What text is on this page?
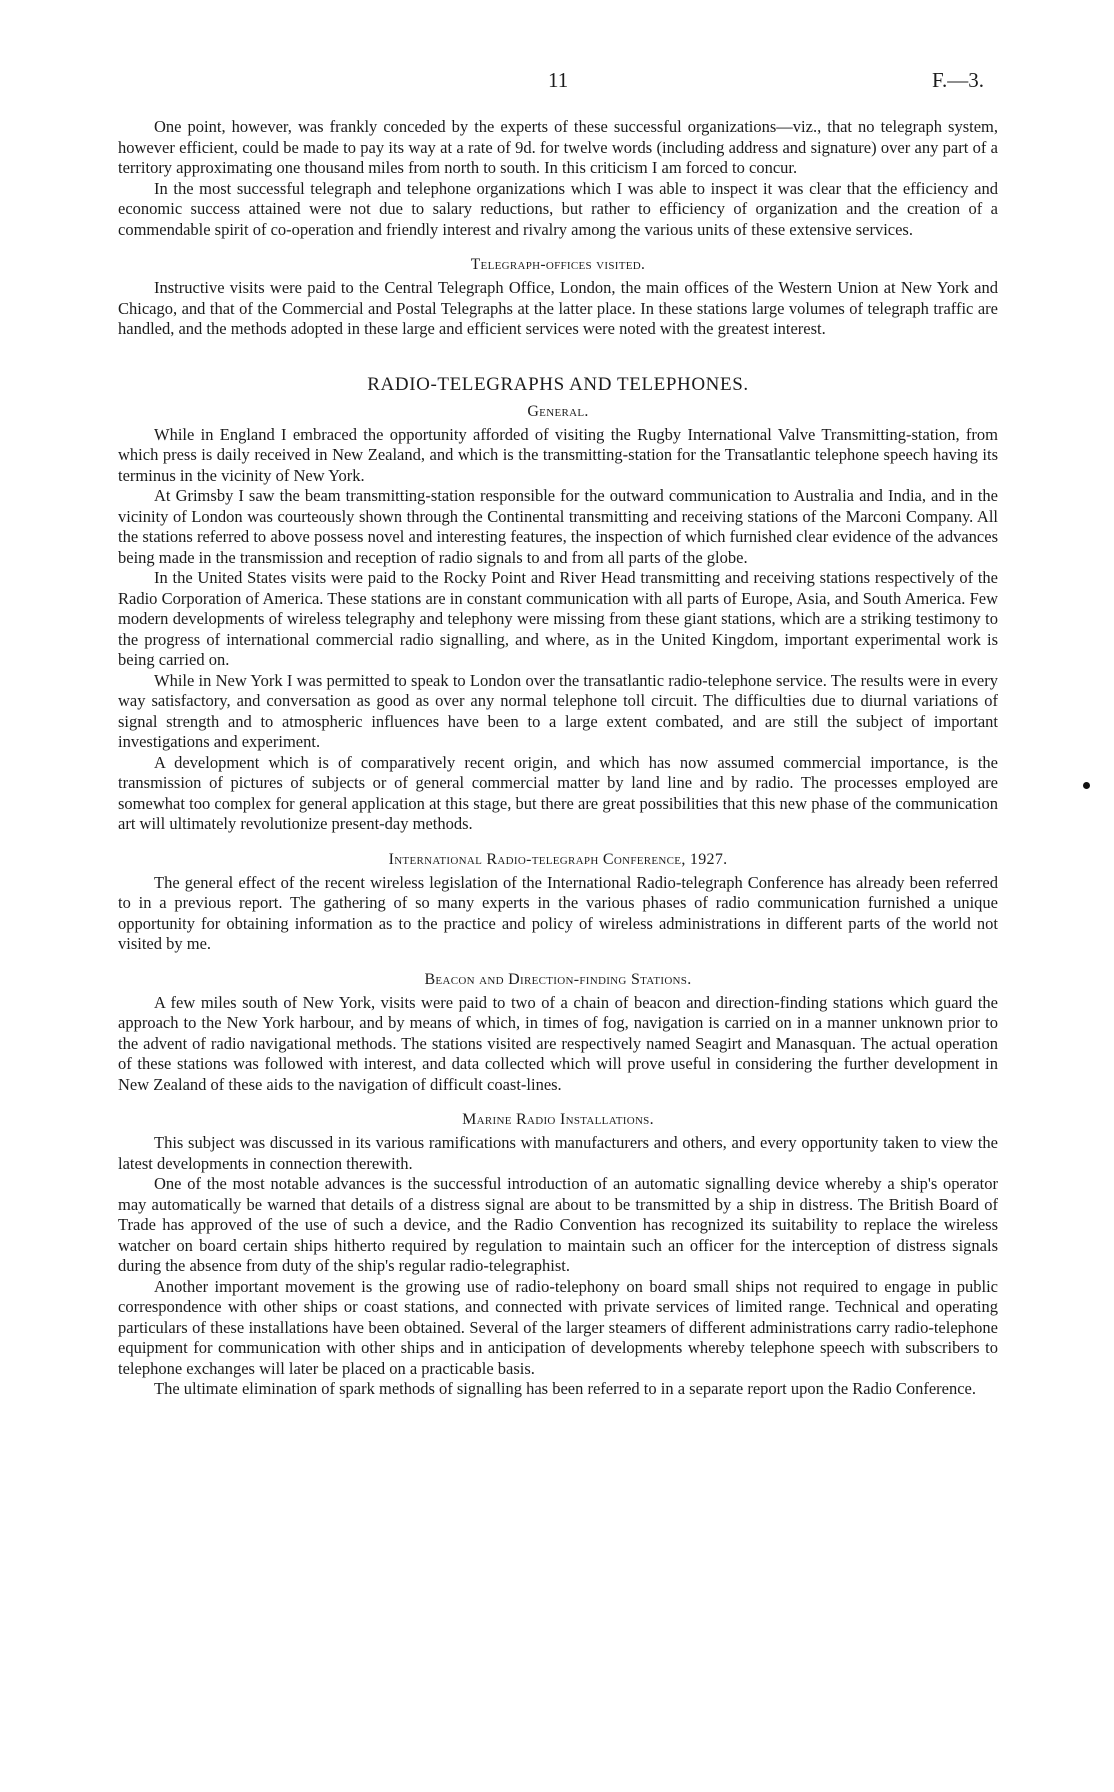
11	F.—3.

One point, however, was frankly conceded by the experts of these successful organizations—viz., that no telegraph system, however efficient, could be made to pay its way at a rate of 9d. for twelve words (including address and signature) over any part of a territory approximating one thousand miles from north to south. In this criticism I am forced to concur.

In the most successful telegraph and telephone organizations which I was able to inspect it was clear that the efficiency and economic success attained were not due to salary reductions, but rather to efficiency of organization and the creation of a commendable spirit of co-operation and friendly interest and rivalry among the various units of these extensive services.

Telegraph-offices visited.

Instructive visits were paid to the Central Telegraph Office, London, the main offices of the Western Union at New York and Chicago, and that of the Commercial and Postal Telegraphs at the latter place. In these stations large volumes of telegraph traffic are handled, and the methods adopted in these large and efficient services were noted with the greatest interest.

RADIO-TELEGRAPHS AND TELEPHONES.
General.

While in England I embraced the opportunity afforded of visiting the Rugby International Valve Transmitting-station, from which press is daily received in New Zealand, and which is the transmitting-station for the Transatlantic telephone speech having its terminus in the vicinity of New York.

At Grimsby I saw the beam transmitting-station responsible for the outward communication to Australia and India, and in the vicinity of London was courteously shown through the Continental transmitting and receiving stations of the Marconi Company. All the stations referred to above possess novel and interesting features, the inspection of which furnished clear evidence of the advances being made in the transmission and reception of radio signals to and from all parts of the globe.

In the United States visits were paid to the Rocky Point and River Head transmitting and receiving stations respectively of the Radio Corporation of America. These stations are in constant communication with all parts of Europe, Asia, and South America. Few modern developments of wireless telegraphy and telephony were missing from these giant stations, which are a striking testimony to the progress of international commercial radio signalling, and where, as in the United Kingdom, important experimental work is being carried on.

While in New York I was permitted to speak to London over the transatlantic radio-telephone service. The results were in every way satisfactory, and conversation as good as over any normal telephone toll circuit. The difficulties due to diurnal variations of signal strength and to atmospheric influences have been to a large extent combated, and are still the subject of important investigations and experiment.

A development which is of comparatively recent origin, and which has now assumed commercial importance, is the transmission of pictures of subjects or of general commercial matter by land line and by radio. The processes employed are somewhat too complex for general application at this stage, but there are great possibilities that this new phase of the communication art will ultimately revolutionize present-day methods.

International Radio-telegraph Conference, 1927.

The general effect of the recent wireless legislation of the International Radio-telegraph Conference has already been referred to in a previous report. The gathering of so many experts in the various phases of radio communication furnished a unique opportunity for obtaining information as to the practice and policy of wireless administrations in different parts of the world not visited by me.

Beacon and Direction-finding Stations.

A few miles south of New York, visits were paid to two of a chain of beacon and direction-finding stations which guard the approach to the New York harbour, and by means of which, in times of fog, navigation is carried on in a manner unknown prior to the advent of radio navigational methods. The stations visited are respectively named Seagirt and Manasquan. The actual operation of these stations was followed with interest, and data collected which will prove useful in considering the further development in New Zealand of these aids to the navigation of difficult coast-lines.

Marine Radio Installations.

This subject was discussed in its various ramifications with manufacturers and others, and every opportunity taken to view the latest developments in connection therewith.

One of the most notable advances is the successful introduction of an automatic signalling device whereby a ship's operator may automatically be warned that details of a distress signal are about to be transmitted by a ship in distress. The British Board of Trade has approved of the use of such a device, and the Radio Convention has recognized its suitability to replace the wireless watcher on board certain ships hitherto required by regulation to maintain such an officer for the interception of distress signals during the absence from duty of the ship's regular radio-telegraphist.

Another important movement is the growing use of radio-telephony on board small ships not required to engage in public correspondence with other ships or coast stations, and connected with private services of limited range. Technical and operating particulars of these installations have been obtained. Several of the larger steamers of different administrations carry radio-telephone equipment for communication with other ships and in anticipation of developments whereby telephone speech with subscribers to telephone exchanges will later be placed on a practicable basis.

The ultimate elimination of spark methods of signalling has been referred to in a separate report upon the Radio Conference.
